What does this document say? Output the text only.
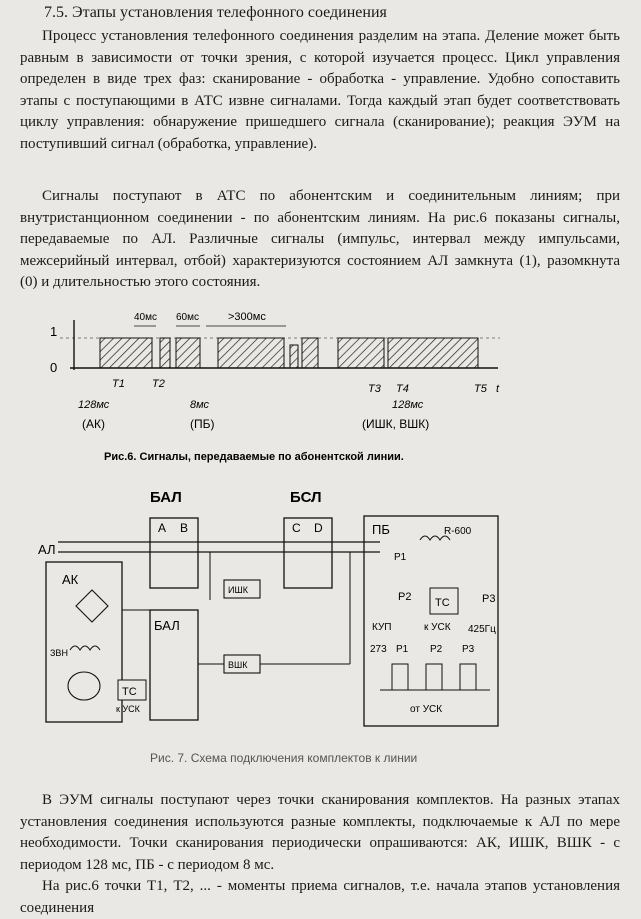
7.5. Этапы установления телефонного соединения
Процесс установления телефонного соединения разделим на этапа. Деление может быть равным в зависимости от точки зрения, с которой изучается процесс. Цикл управления определен в виде трех фаз: сканирование - обработка - управление. Удобно сопоставить этапы с поступающими в АТС извне сигналами. Тогда каждый этап будет соответствовать циклу управления: обнаружение пришедшего сигнала (сканирование); реакция ЭУМ на поступивший сигнал (обработка, управление).
Сигналы поступают в АТС по абонентским и соединительным линиям; при внутристанционном соединении - по абонентским линиям. На рис.6 показаны сигналы, передаваемые по АЛ. Различные сигналы (импульс, интервал между импульсами, межсерийный интервал, отбой) характеризуются состоянием АЛ замкнута (1), разомкнута (0) и длительностью этого состояния.
1
0
40мс 60мс	>300мс
T1 T2	T3 T4	T5 t
128мс	8мс	128мс
(АК)	(ПБ)	(ИШК, ВШК)
Рис.6. Сигналы, передаваемые по абонентской линии.
БАЛ	БСЛ
АЛ
АК
ЗВН
ТС
к УСК
А В	С D
ИШК
БАЛ
ВШК
ПБ	R-600
Р1
Р2	Р3
ТС
к УСК 425Гц
КУП
273 Р1 Р2 Р3
от УСК
Рис. 7. Схема подключения комплектов к линии
В ЭУМ сигналы поступают через точки сканирования комплектов. На разных этапах установления соединения используются разные комплекты, подключаемые к АЛ по мере необходимости. Точки сканирования периодически опрашиваются: АК, ИШК, ВШК - с периодом 128 мс, ПБ - с периодом 8 мс.
На рис.6 точки Т1, Т2, ... - моменты приема сигналов, т.е. начала этапов установления соединения
